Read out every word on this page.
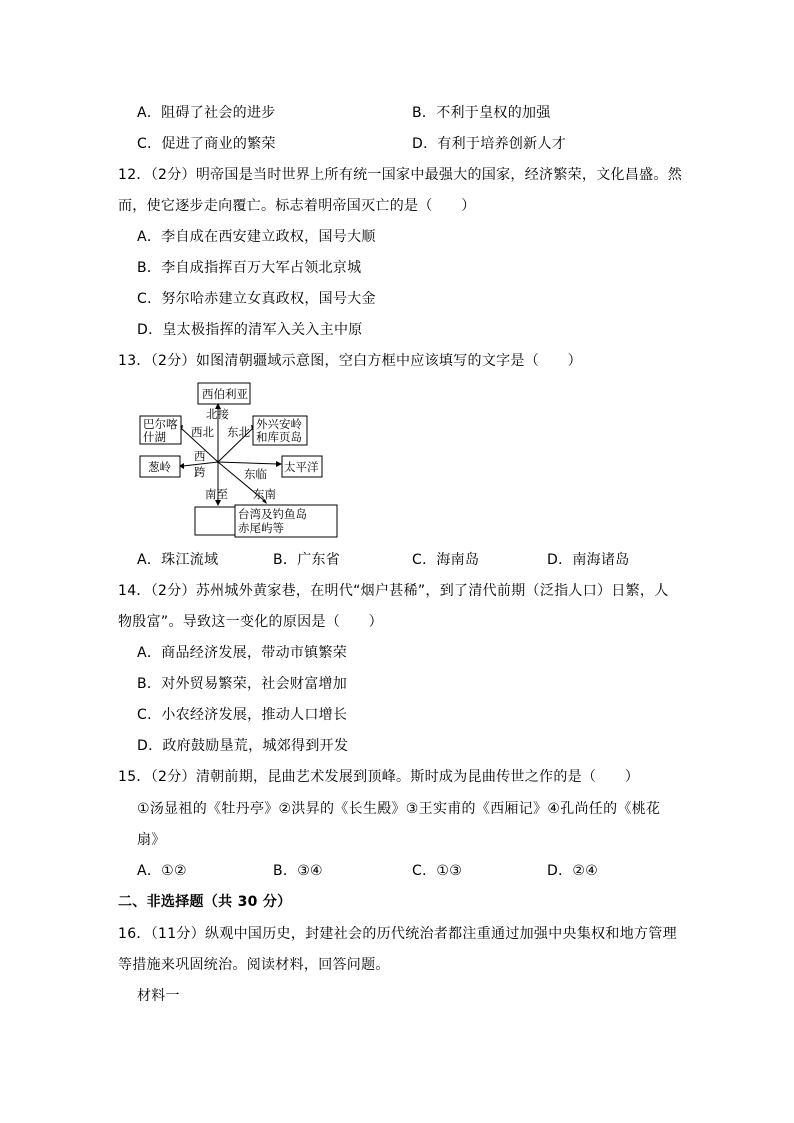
A．阻碍了社会的进步	B．不利于皇权的加强
C．促进了商业的繁荣	D．有利于培养创新人才
12．（2分）明帝国是当时世界上所有统一国家中最强大的国家，经济繁荣，文化昌盛。然
而，使它逐步走向覆亡。标志着明帝国灭亡的是（　　）
A．李自成在西安建立政权，国号大顺
B．李自成指挥百万大军占领北京城
C．努尔哈赤建立女真政权，国号大金
D．皇太极指挥的清军入关入主中原
13．（2分）如图清朝疆域示意图，空白方框中应该填写的文字是（　　）
西伯利亚
巴尔喀
什湖
外兴安岭
和库页岛
葱岭	太平洋
台湾及钓鱼岛
赤尾屿等
北接
西北 东北
西
跨	东临
南至 东南
A．珠江流域	B．广东省	C．海南岛	D．南海诸岛
14．（2分）苏州城外黄家巷，在明代“烟户甚稀”，到了清代前期（泛指人口）日繁，人
物殷富”。导致这一变化的原因是（　　）
A．商品经济发展，带动市镇繁荣
B．对外贸易繁荣，社会财富增加
C．小农经济发展，推动人口增长
D．政府鼓励垦荒，城郊得到开发
15．（2分）清朝前期，昆曲艺术发展到顶峰。斯时成为昆曲传世之作的是（　　）
①汤显祖的《牡丹亭》②洪昇的《长生殿》③王实甫的《西厢记》④孔尚任的《桃花
扇》
A．①②	B．③④	C．①③	D．②④
二、非选择题（共 30 分）
16．（11分）纵观中国历史，封建社会的历代统治者都注重通过加强中央集权和地方管理
等措施来巩固统治。阅读材料，回答问题。
材料一
